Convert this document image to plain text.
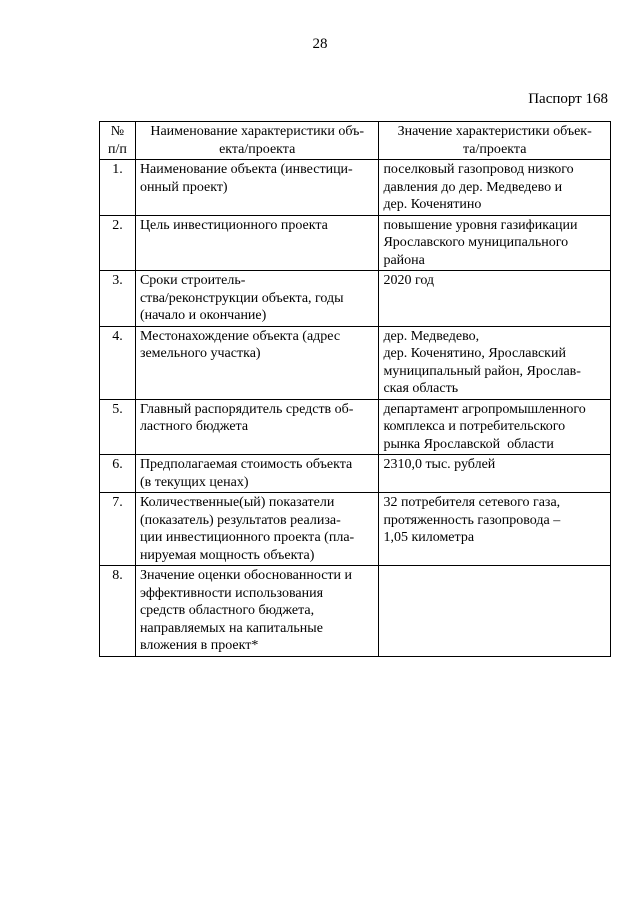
28
Паспорт 168
№
п/п	Наименование характеристики объ-
екта/проекта	Значение характеристики объек-
та/проекта

1.	Наименование объекта (инвестици-
онный проект)	поселковый газопровод низкого
давления до дер. Медведево и
дер. Коченятино

2.	Цель инвестиционного проекта	повышение уровня газификации
Ярославского муниципального
района

3.	Сроки строитель-
ства/реконструкции объекта, годы
(начало и окончание)	2020 год

4.	Местонахождение объекта (адрес
земельного участка)	дер. Медведево,
дер. Коченятино, Ярославский
муниципальный район, Ярослав-
ская область

5.	Главный распорядитель средств об-
ластного бюджета	департамент агропромышленного
комплекса и потребительского
рынка Ярославской  области

6.	Предполагаемая стоимость объекта
(в текущих ценах)	2310,0 тыс. рублей

7.	Количественные(ый) показатели
(показатель) результатов реализа-
ции инвестиционного проекта (пла-
нируемая мощность объекта)	32 потребителя сетевого газа,
протяженность газопровода –
1,05 километра

8.	Значение оценки обоснованности и
эффективности использования
средств областного бюджета,
направляемых на капитальные
вложения в проект*	
